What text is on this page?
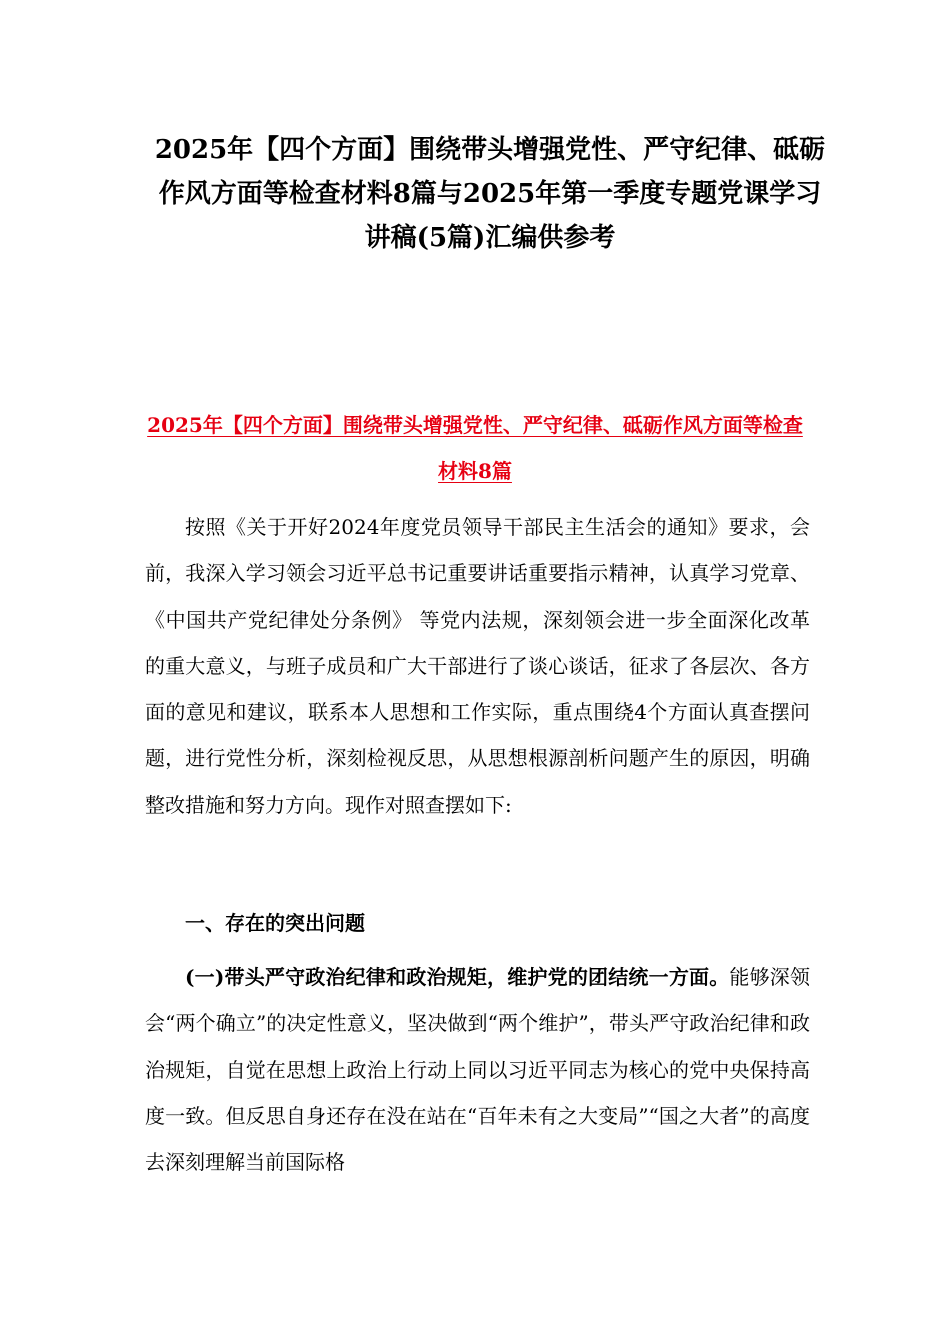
2025年【四个方面】围绕带头增强党性、严守纪律、砥砺作风方面等检查材料8篇与2025年第一季度专题党课学习讲稿(5篇)汇编供参考
2025年【四个方面】围绕带头增强党性、严守纪律、砥砺作风方面等检查材料8篇

按照《关于开好2024年度党员领导干部民主生活会的通知》要求，会前，我深入学习领会习近平总书记重要讲话重要指示精神，认真学习党章、《中国共产党纪律处分条例》 等党内法规，深刻领会进一步全面深化改革的重大意义，与班子成员和广大干部进行了谈心谈话，征求了各层次、各方面的意见和建议，联系本人思想和工作实际，重点围绕4个方面认真查摆问题，进行党性分析，深刻检视反思，从思想根源剖析问题产生的原因，明确整改措施和努力方向。现作对照查摆如下:

一、存在的突出问题

(一)带头严守政治纪律和政治规矩，维护党的团结统一方面。能够深领会“两个确立”的决定性意义，坚决做到“两个维护”，带头严守政治纪律和政治规矩，自觉在思想上政治上行动上同以习近平同志为核心的党中央保持高度一致。但反思自身还存在没在站在“百年未有之大变局”“国之大者”的高度去深刻理解当前国际格
